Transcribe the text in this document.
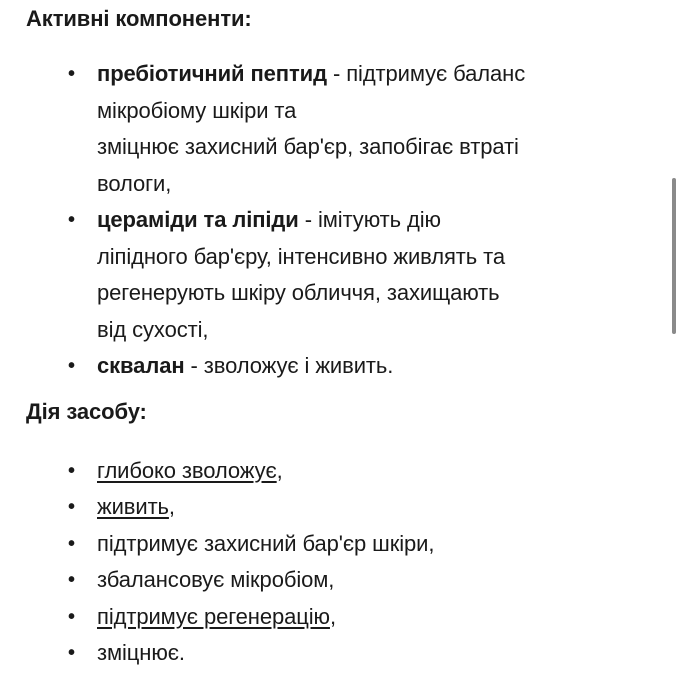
Активні компоненти:
• пребіотичний пептид - підтримує баланс
мікробіому шкіри та
зміцнює захисний бар'єр, запобігає втраті
вологи,
• цераміди та ліпіди - імітують дію
ліпідного бар'єру, інтенсивно живлять та
регенерують шкіру обличчя, захищають
від сухості,
• сквалан - зволожує і живить.
Дія засобу:
• глибоко зволожує,
• живить,
• підтримує захисний бар'єр шкіри,
• збалансовує мікробіом,
• підтримує регенерацію,
• зміцнює.
